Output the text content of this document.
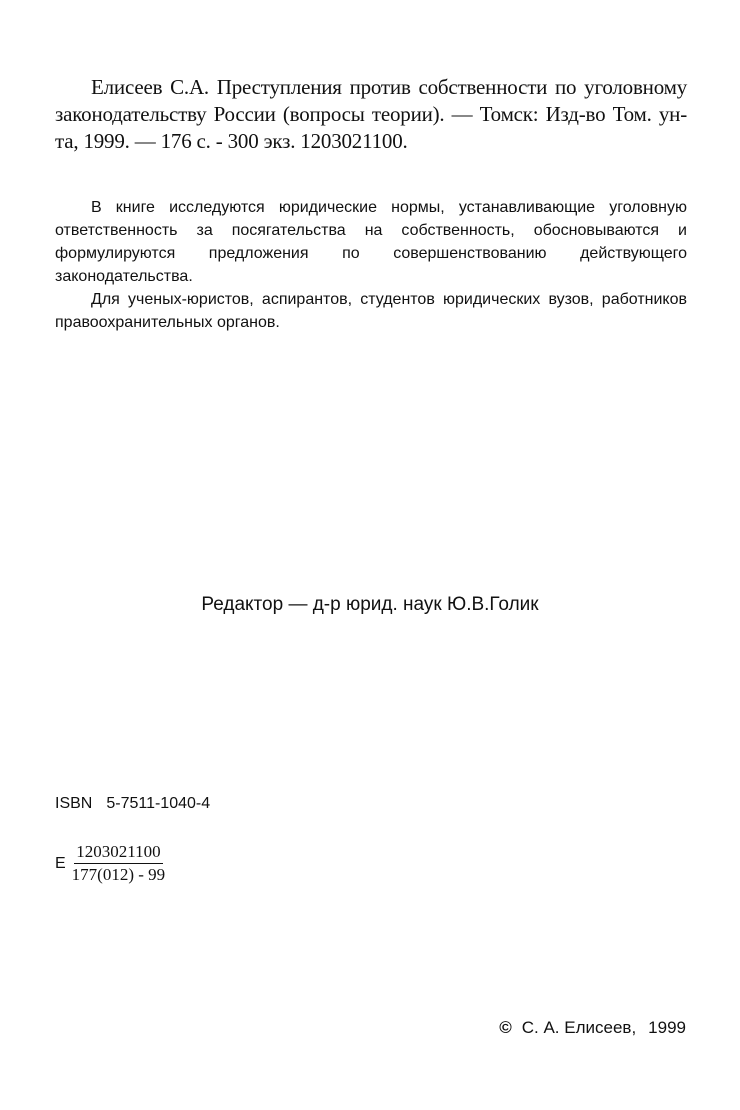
Елисеев С.А. Преступления против собственности по уголовному законодательству России (вопросы теории). — Томск: Изд-во Том. ун-та, 1999. — 176 с. - 300 экз. 1203021100.

В книге исследуются юридические нормы, устанавливающие уголовную ответственность за посягательства на собственность, обосновываются и формулируются предложения по совершенствованию действующего законодательства.

Для ученых-юристов, аспирантов, студентов юридических вузов, работников правоохранительных органов.

Редактор — д-р юрид. наук Ю.В.Голик
ISBN 5-7511-1040-4
Е $\frac{1203021100}{177(012) - 99}$
© С. А. Елисеев, 1999
